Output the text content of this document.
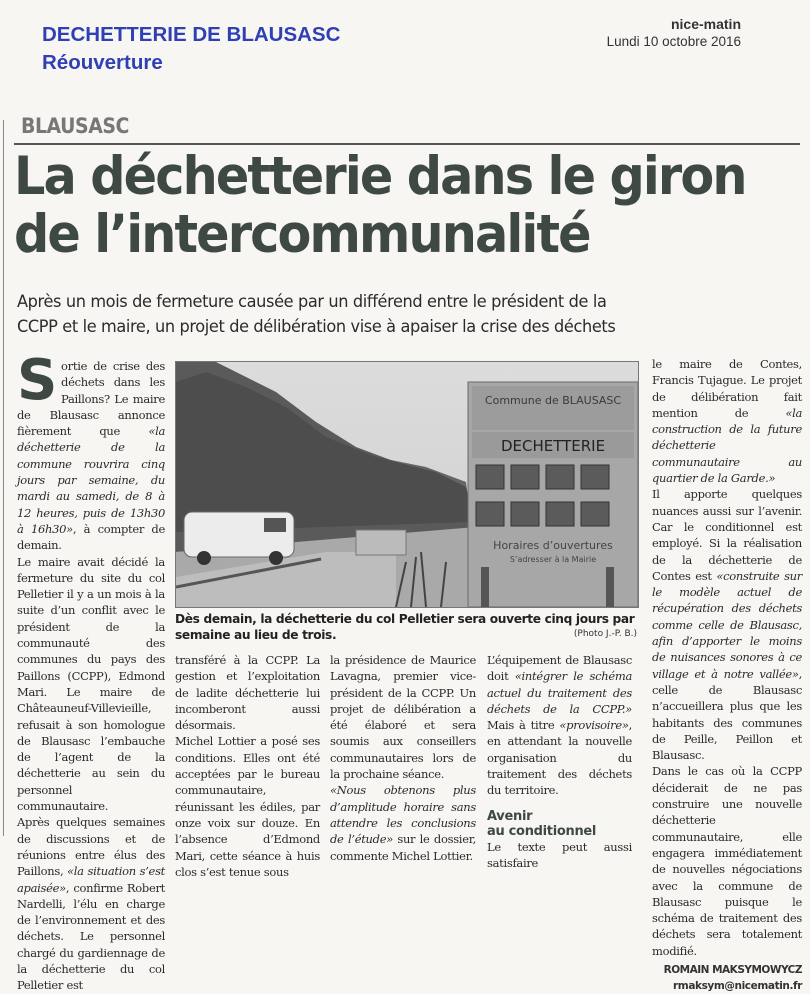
DECHETTERIE DE BLAUSASC
Réouverture
nice-matin
Lundi 10 octobre 2016
BLAUSASC
La déchetterie dans le giron
de l’intercommunalité
Après un mois de fermeture causée par un différend entre le président de la
CCPP et le maire, un projet de délibération vise à apaiser la crise des déchets
S ortie de crise des déchets dans les Paillons? Le maire de Blausasc annonce fièrement que «la déchetterie de la commune rouvrira cinq jours par semaine, du mardi au samedi, de 8 à 12 heures, puis de 13h30 à 16h30», à compter de demain.

Le maire avait décidé la fermeture du site du col Pelletier il y a un mois à la suite d’un conflit avec le président de la communauté des communes du pays des Paillons (CCPP), Edmond Mari. Le maire de Châteauneuf-Villevieille, refusait à son homologue de Blausasc l’embauche de l’agent de la déchetterie au sein du personnel communautaire.

Après quelques semaines de discussions et de réunions entre élus des Paillons, «la situation s’est apaisée», confirme Robert Nardelli, l’élu en charge de l’environnement et des déchets. Le personnel chargé du gardiennage de la déchetterie du col Pelletier est

Commune de BLAUSASC
DECHETTERIE
Horaires d’ouvertures
S’adresser à la Mairie
Dès demain, la déchetterie du col Pelletier sera ouverte cinq jours par semaine au lieu de trois.	(Photo J.-P. B.)

transféré à la CCPP. La gestion et l’exploitation de ladite déchetterie lui incomberont aussi désormais.

Michel Lottier a posé ses conditions. Elles ont été acceptées par le bureau communautaire, réunissant les édiles, par onze voix sur douze. En l’absence d’Edmond Mari, cette séance à huis clos s’est tenue sous

la présidence de Maurice Lavagna, premier vice-président de la CCPP. Un projet de délibération a été élaboré et sera soumis aux conseillers communautaires lors de la prochaine séance.

«Nous obtenons plus d’amplitude horaire sans attendre les conclusions de l’étude» sur le dossier, commente Michel Lottier.

L’équipement de Blausasc doit «intégrer le schéma actuel du traitement des déchets de la CCPP.» Mais à titre «provisoire», en attendant la nouvelle organisation du traitement des déchets du territoire.

Avenir
au conditionnel

Le texte peut aussi satisfaire

le maire de Contes, Francis Tujague. Le projet de délibération fait mention de «la construction de la future déchetterie communautaire au quartier de la Garde.»

Il apporte quelques nuances aussi sur l’avenir. Car le conditionnel est employé. Si la réalisation de la déchetterie de Contes est «construite sur le modèle actuel de récupération des déchets comme celle de Blausasc, afin d’apporter le moins de nuisances sonores à ce village et à notre vallée», celle de Blausasc n’accueillera plus que les habitants des communes de Peille, Peillon et Blausasc.

Dans le cas où la CCPP déciderait de ne pas construire une nouvelle déchetterie communautaire, elle engagera immédiatement de nouvelles négociations avec la commune de Blausasc puisque le schéma de traitement des déchets sera totalement modifié.

ROMAIN MAKSYMOWYCZ
rmaksym@nicematin.fr
